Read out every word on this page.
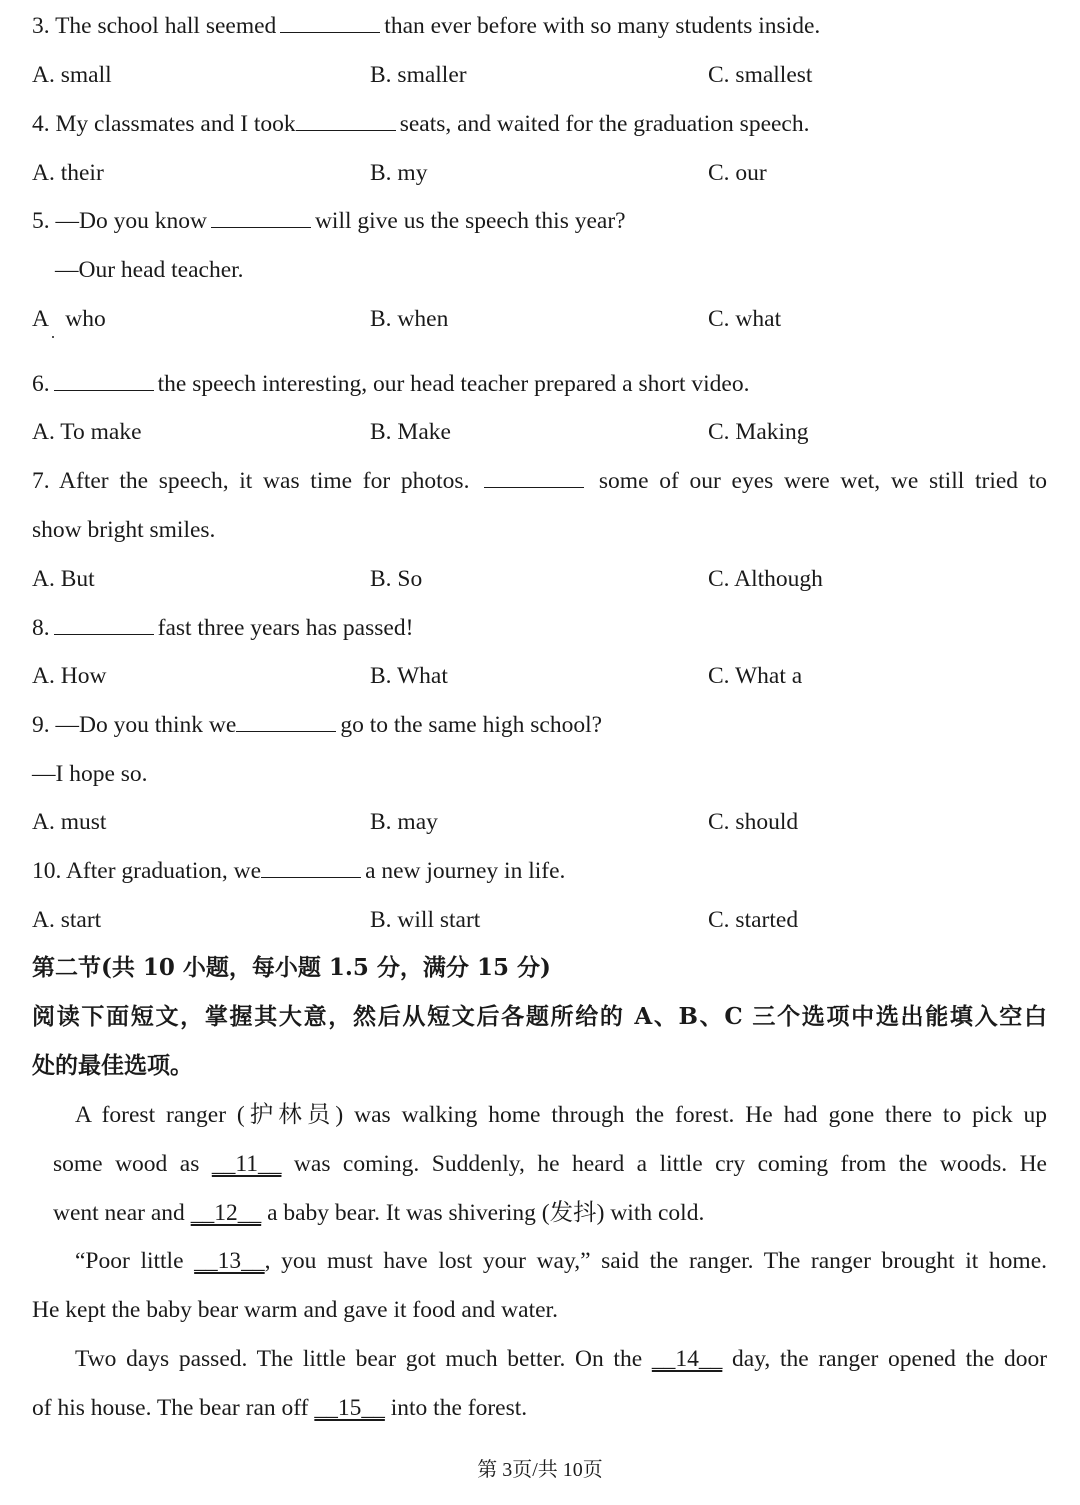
3. The school hall seemed	than ever before with so many students inside.
A. small	B. smaller	C. smallest
4. My classmates and I took	seats, and waited for the graduation speech.
A. their	B. my	C. our
5. —Do you know	will give us the speech this year?
—Our head teacher.
A   who	B. when	C. what
6.	the speech interesting, our head teacher prepared a short video.
A. To make	B. Make	C. Making
7. After the speech, it was time for photos.	some of our eyes were wet, we still tried to
show bright smiles.
A. But	B. So	C. Although
8.	fast three years has passed!
A. How	B. What	C. What a
9. —Do you think we	go to the same high school?
—I hope so.
A. must	B. may	C. should
10. After graduation, we	a new journey in life.
A. start	B. will start	C. started
第二节(共 10 小题，每小题 1.5 分，满分 15 分)
阅读下面短文，掌握其大意，然后从短文后各题所给的 A、B、C 三个选项中选出能填入空白
处的最佳选项。
A forest ranger (护林员) was walking home through the forest. He had gone there to pick up
some wood as __11__ was coming. Suddenly, he heard a little cry coming from the woods. He
went near and __12__ a baby bear. It was shivering (发抖) with cold.
“Poor little __13__, you must have lost your way,” said the ranger. The ranger brought it home.
He kept the baby bear warm and gave it food and water.
Two days passed. The little bear got much better. On the __14__ day, the ranger opened the door
of his house. The bear ran off __15__ into the forest.
第 3页/共 10页
